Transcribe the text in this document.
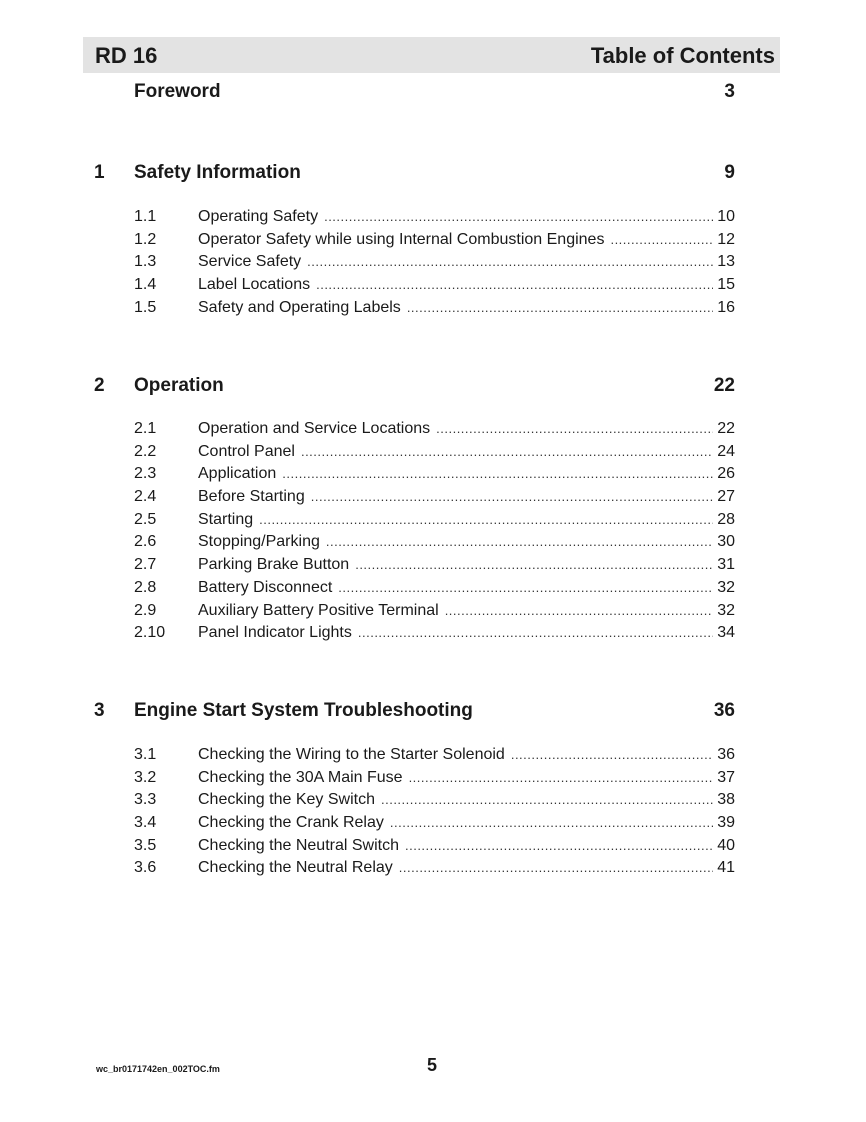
RD 16	Table of Contents
Foreword	3
1 Safety Information	9
1.1	Operating Safety .....	10
1.2	Operator Safety while using Internal Combustion Engines .....	12
1.3	Service Safety .....	13
1.4	Label Locations .....	15
1.5	Safety and Operating Labels .....	16
2 Operation	22
2.1	Operation and Service Locations .....	22
2.2	Control Panel .....	24
2.3	Application .....	26
2.4	Before Starting .....	27
2.5	Starting .....	28
2.6	Stopping/Parking .....	30
2.7	Parking Brake Button .....	31
2.8	Battery Disconnect .....	32
2.9	Auxiliary Battery Positive Terminal .....	32
2.10 Panel Indicator Lights .....	34
3 Engine Start System Troubleshooting	36
3.1	Checking the Wiring to the Starter Solenoid .....	36
3.2	Checking the 30A Main Fuse .....	37
3.3	Checking the Key Switch .....	38
3.4	Checking the Crank Relay .....	39
3.5	Checking the Neutral Switch .....	40
3.6	Checking the Neutral Relay .....	41
wc_br0171742en_002TOC.fm	5
